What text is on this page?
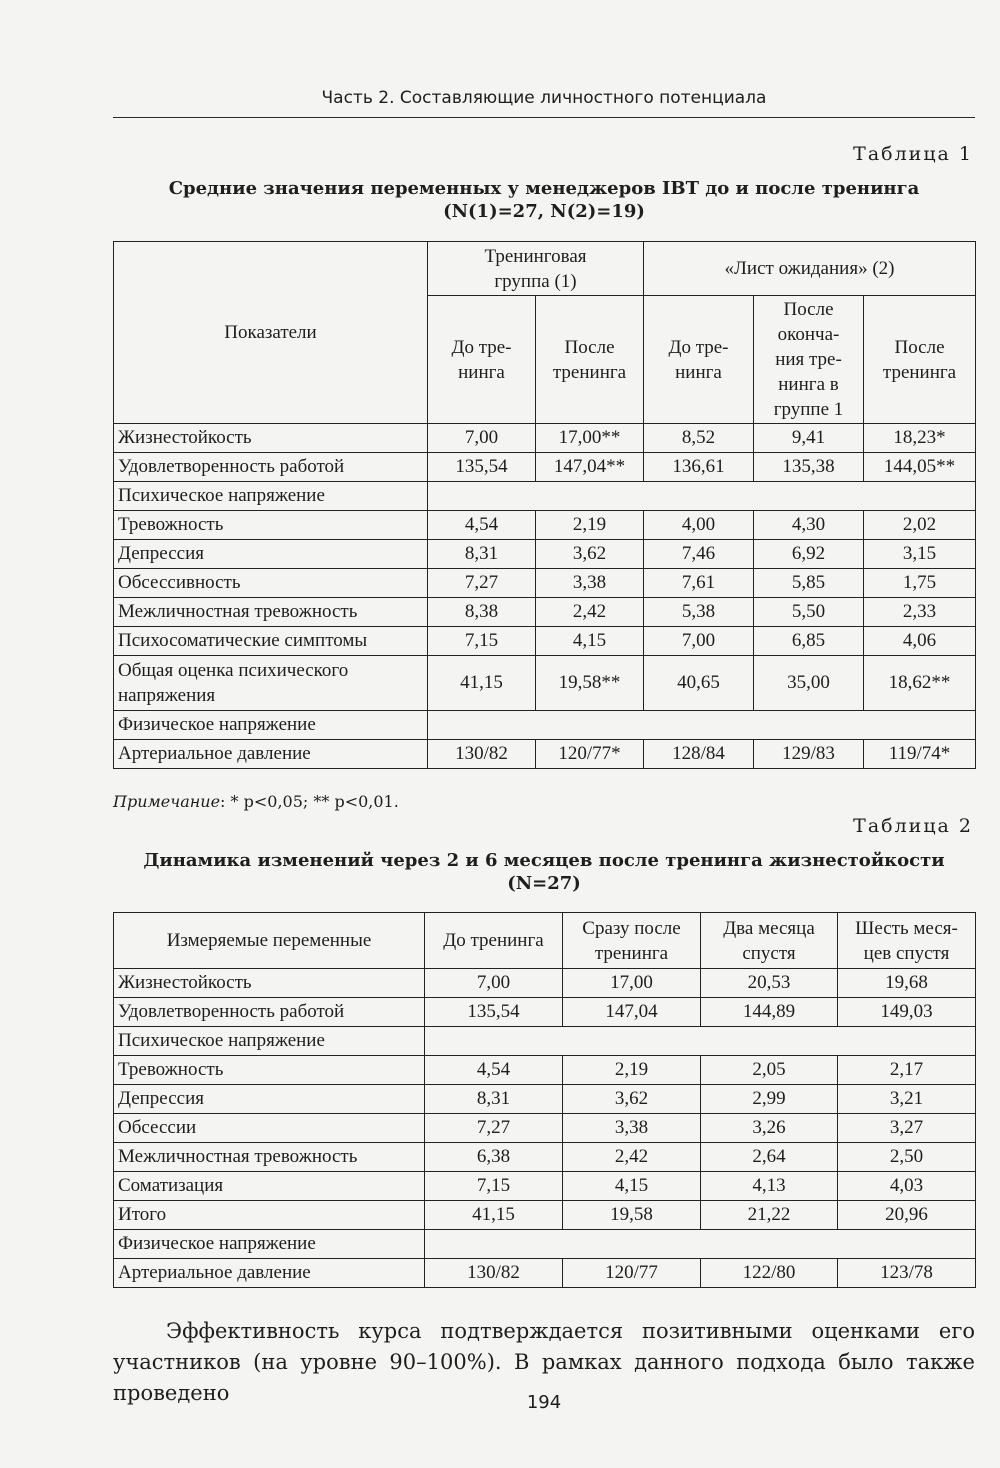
Часть 2. Составляющие личностного потенциала
Таблица 1
Средние значения переменных у менеджеров IBT до и после тренинга
(N(1)=27, N(2)=19)
Показатели	Тренинговая группа (1)		«Лист ожидания» (2)		
	До тре-нинга	После тренинга	До тре-нинга	После оконча-ния тре-нинга в группе 1	После тренинга
Жизнестойкость	7,00	17,00**	8,52	9,41	18,23*
Удовлетворенность работой	135,54	147,04**	136,61	135,38	144,05**
Психическое напряжение					
Тревожность	4,54	2,19	4,00	4,30	2,02
Депрессия	8,31	3,62	7,46	6,92	3,15
Обсессивность	7,27	3,38	7,61	5,85	1,75
Межличностная тревожность	8,38	2,42	5,38	5,50	2,33
Психосоматические симптомы	7,15	4,15	7,00	6,85	4,06
Общая оценка психического напряжения	41,15	19,58**	40,65	35,00	18,62**
Физическое напряжение					
Артериальное давление	130/82	120/77*	128/84	129/83	119/74*
Примечание: * p<0,05; ** p<0,01.
Таблица 2
Динамика изменений через 2 и 6 месяцев после тренинга жизнестойкости
(N=27)
Измеряемые переменные	До тренинга	Сразу после тренинга	Два месяца спустя	Шесть меся-цев спустя
Жизнестойкость	7,00	17,00	20,53	19,68
Удовлетворенность работой	135,54	147,04	144,89	149,03
Психическое напряжение				
Тревожность	4,54	2,19	2,05	2,17
Депрессия	8,31	3,62	2,99	3,21
Обсессии	7,27	3,38	3,26	3,27
Межличностная тревожность	6,38	2,42	2,64	2,50
Соматизация	7,15	4,15	4,13	4,03
Итого	41,15	19,58	21,22	20,96
Физическое напряжение				
Артериальное давление	130/82	120/77	122/80	123/78
Эффективность курса подтверждается позитивными оценками его участников (на уровне 90–100%). В рамках данного подхода было также проведено	194
